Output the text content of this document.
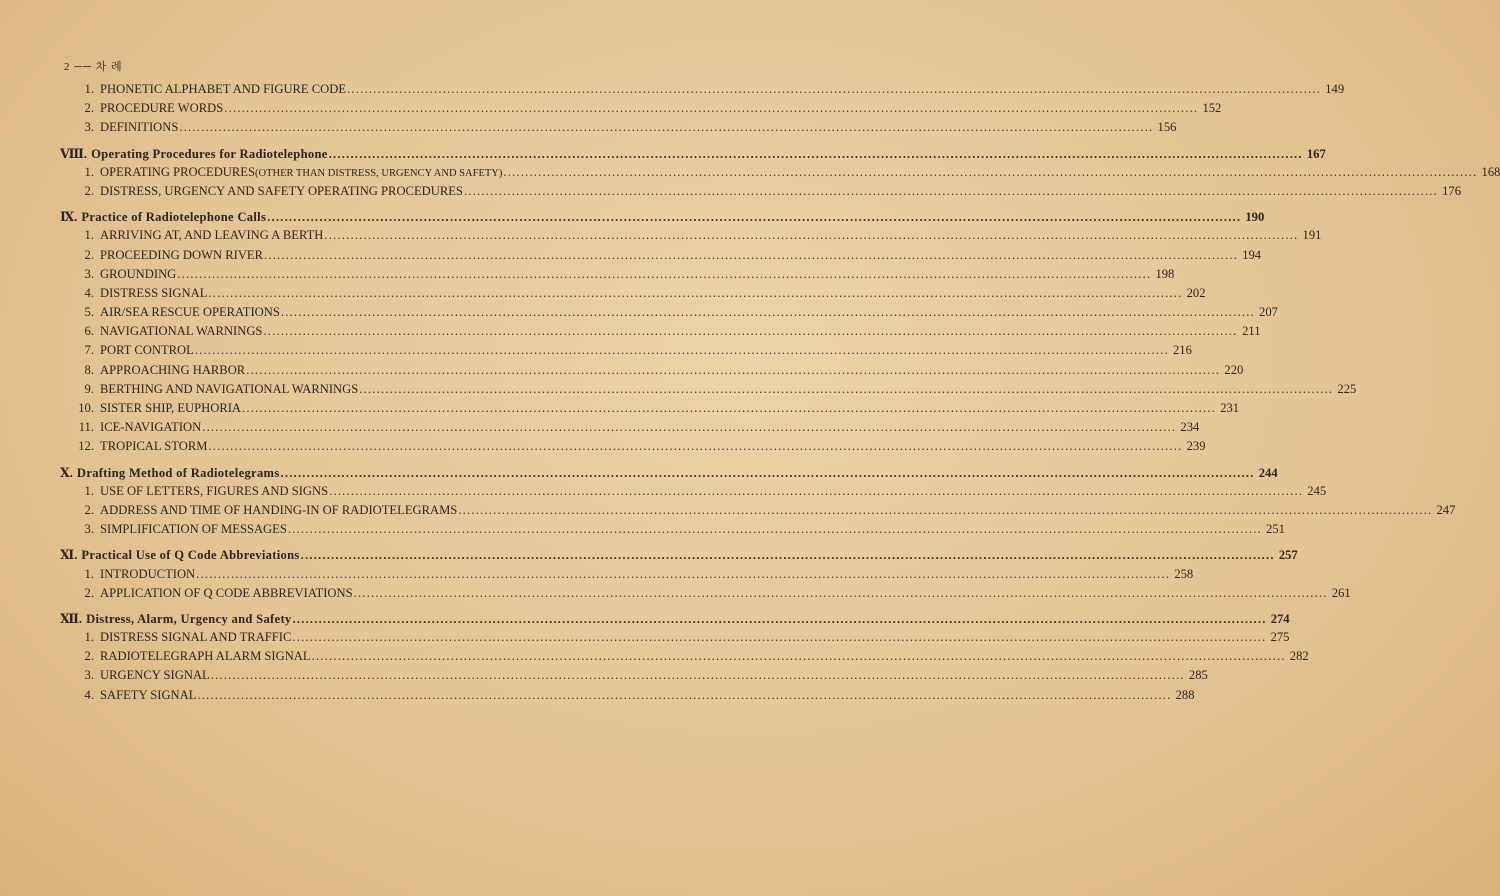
2 ── 차 례
1. PHONETIC ALPHABET AND FIGURE CODE .....	149
2. PROCEDURE WORDS .....	152
3. DEFINITIONS .....	156
Ⅷ. Operating Procedures for Radiotelephone .....	167
1. OPERATING PROCEDURES(OTHER THAN DISTRESS, URGENCY AND SAFETY) .....	168
2. DISTRESS, URGENCY AND SAFETY OPERATING PROCEDURES .....	176
Ⅸ. Practice of Radiotelephone Calls .....	190
1. ARRIVING AT, AND LEAVING A BERTH .....	191
2. PROCEEDING DOWN RIVER .....	194
3. GROUNDING .....	198
4. DISTRESS SIGNAL .....	202
5. AIR/SEA RESCUE OPERATIONS .....	207
6. NAVIGATIONAL WARNINGS .....	211
7. PORT CONTROL .....	216
8. APPROACHING HARBOR .....	220
9. BERTHING AND NAVIGATIONAL WARNINGS .....	225
10. SISTER SHIP, EUPHORIA .....	231
11. ICE-NAVIGATION .....	234
12. TROPICAL STORM .....	239
Ⅹ. Drafting Method of Radiotelegrams .....	244
1. USE OF LETTERS, FIGURES AND SIGNS .....	245
2. ADDRESS AND TIME OF HANDING-IN OF RADIOTELEGRAMS .....	247
3. SIMPLIFICATION OF MESSAGES .....	251
Ⅺ. Practical Use of Q Code Abbreviations .....	257
1. INTRODUCTION .....	258
2. APPLICATION OF Q CODE ABBREVIATIONS .....	261
Ⅻ. Distress, Alarm, Urgency and Safety .....	274
1. DISTRESS SIGNAL AND TRAFFIC .....	275
2. RADIOTELEGRAPH ALARM SIGNAL .....	282
3. URGENCY SIGNAL .....	285
4. SAFETY SIGNAL .....	288
